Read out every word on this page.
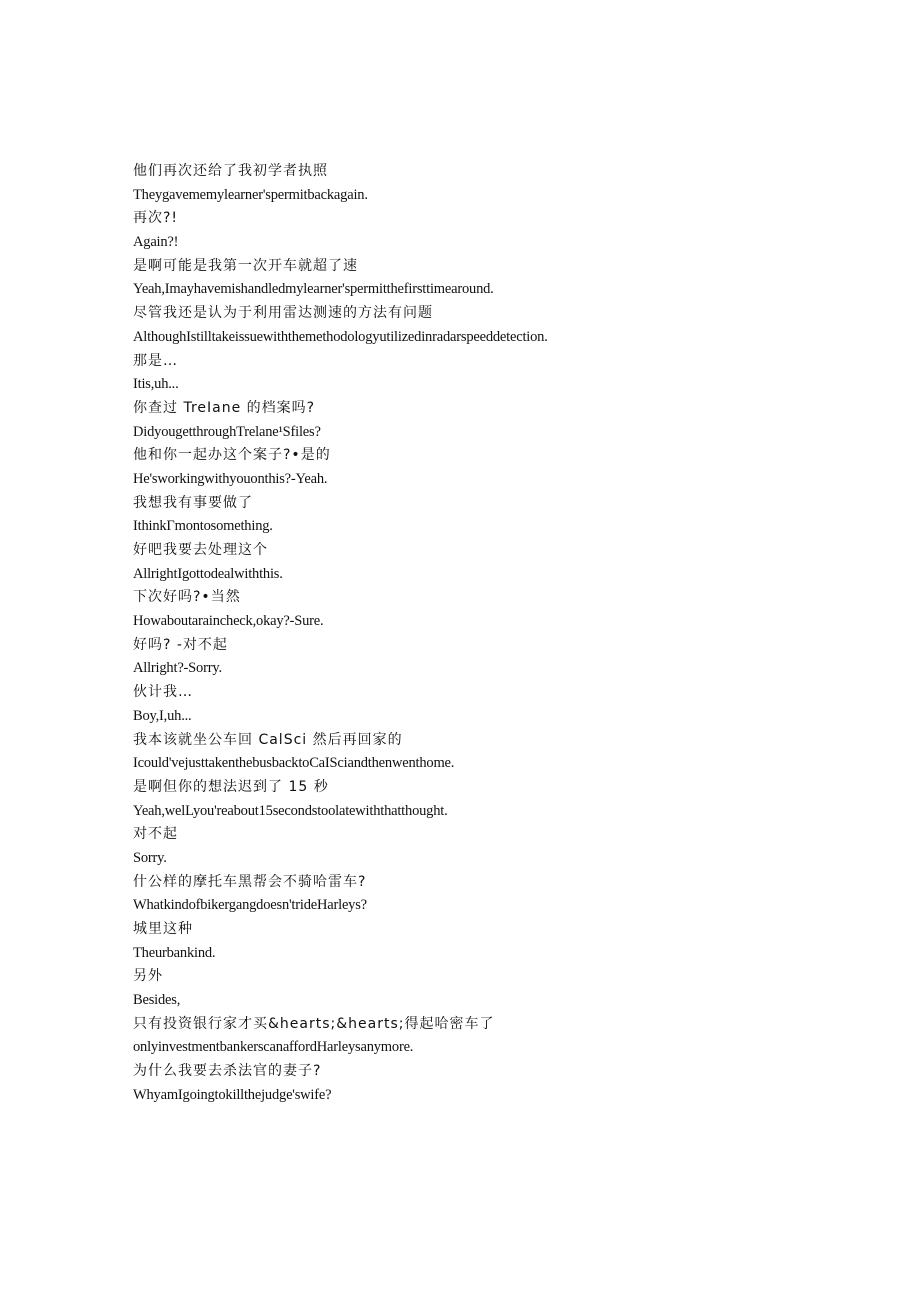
他们再次还给了我初学者执照
Theygavememylearner'spermitbackagain.
再次?!
Again?!
是啊可能是我第一次开车就超了速
Yeah,Imayhavemishandledmylearner'spermitthefirsttimearound.
尽管我还是认为于利用雷达测速的方法有问题
AlthoughIstilltakeissuewiththemethodologyutilizedinradarspeeddetection.
那是…
Itis,uh...
你查过 TreIane 的档案吗?
DidyougetthroughTrelane¹Sfiles?
他和你一起办这个案子?•是的
He'sworkingwithyouonthis?-Yeah.
我想我有事要做了
IthinkΓmontosomething.
好吧我要去处理这个
AllrightIgottodealwiththis.
下次好吗?•当然
Howaboutaraincheck,okay?-Sure.
好吗? -对不起
Allright?-Sorry.
伙计我…
Boy,I,uh...
我本该就坐公车回 CalSci 然后再回家的
Icould'vejusttakenthebusbacktoCaISciandthenwenthome.
是啊但你的想法迟到了 15 秒
Yeah,welLyou'reabout15secondstoolatewiththatthought.
对不起
Sorry.
什公样的摩托车黑帮会不骑哈雷车?
Whatkindofbikergangdoesn'trideHarleys?
城里这种
Theurbankind.
另外
Besides,
只有投资银行家才买&hearts;&hearts;得起哈密车了
onlyinvestmentbankerscanaffordHarleysanymore.
为什么我要去杀法官的妻子?
WhyamIgoingtokillthejudge'swife?
